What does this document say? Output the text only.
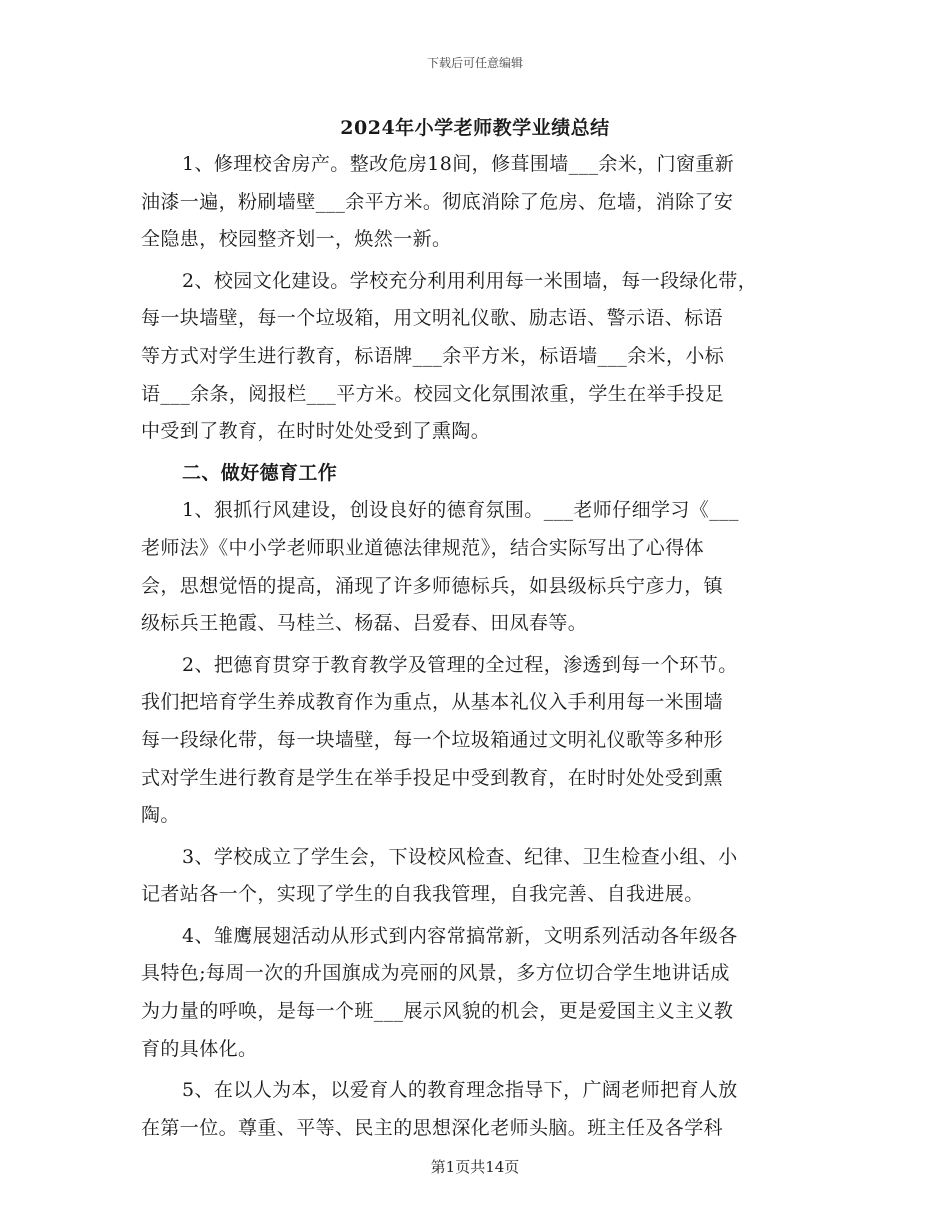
下载后可任意编辑
2024年小学老师教学业绩总结
1、修理校舍房产。整改危房18间，修葺围墙___余米，门窗重新
油漆一遍，粉刷墙壁___余平方米。彻底消除了危房、危墙，消除了安
全隐患，校园整齐划一，焕然一新。
2、校园文化建设。学校充分利用利用每一米围墙，每一段绿化带，
每一块墙壁，每一个垃圾箱，用文明礼仪歌、励志语、警示语、标语
等方式对学生进行教育，标语牌___余平方米，标语墙___余米，小标
语___余条，阅报栏___平方米。校园文化氛围浓重，学生在举手投足
中受到了教育，在时时处处受到了熏陶。
二、做好德育工作
1、狠抓行风建设，创设良好的德育氛围。___老师仔细学习《___
老师法》《中小学老师职业道德法律规范》，结合实际写出了心得体
会，思想觉悟的提高，涌现了许多师德标兵，如县级标兵宁彦力，镇
级标兵王艳霞、马桂兰、杨磊、吕爱春、田凤春等。
2、把德育贯穿于教育教学及管理的全过程，渗透到每一个环节。
我们把培育学生养成教育作为重点，从基本礼仪入手利用每一米围墙
每一段绿化带，每一块墙壁，每一个垃圾箱通过文明礼仪歌等多种形
式对学生进行教育是学生在举手投足中受到教育，在时时处处受到熏
陶。
3、学校成立了学生会，下设校风检查、纪律、卫生检查小组、小
记者站各一个，实现了学生的自我我管理，自我完善、自我进展。
4、雏鹰展翅活动从形式到内容常搞常新，文明系列活动各年级各
具特色;每周一次的升国旗成为亮丽的风景，多方位切合学生地讲话成
为力量的呼唤，是每一个班___展示风貌的机会，更是爱国主义主义教
育的具体化。
5、在以人为本，以爱育人的教育理念指导下，广阔老师把育人放
在第一位。尊重、平等、民主的思想深化老师头脑。班主任及各学科
第1页共14页
